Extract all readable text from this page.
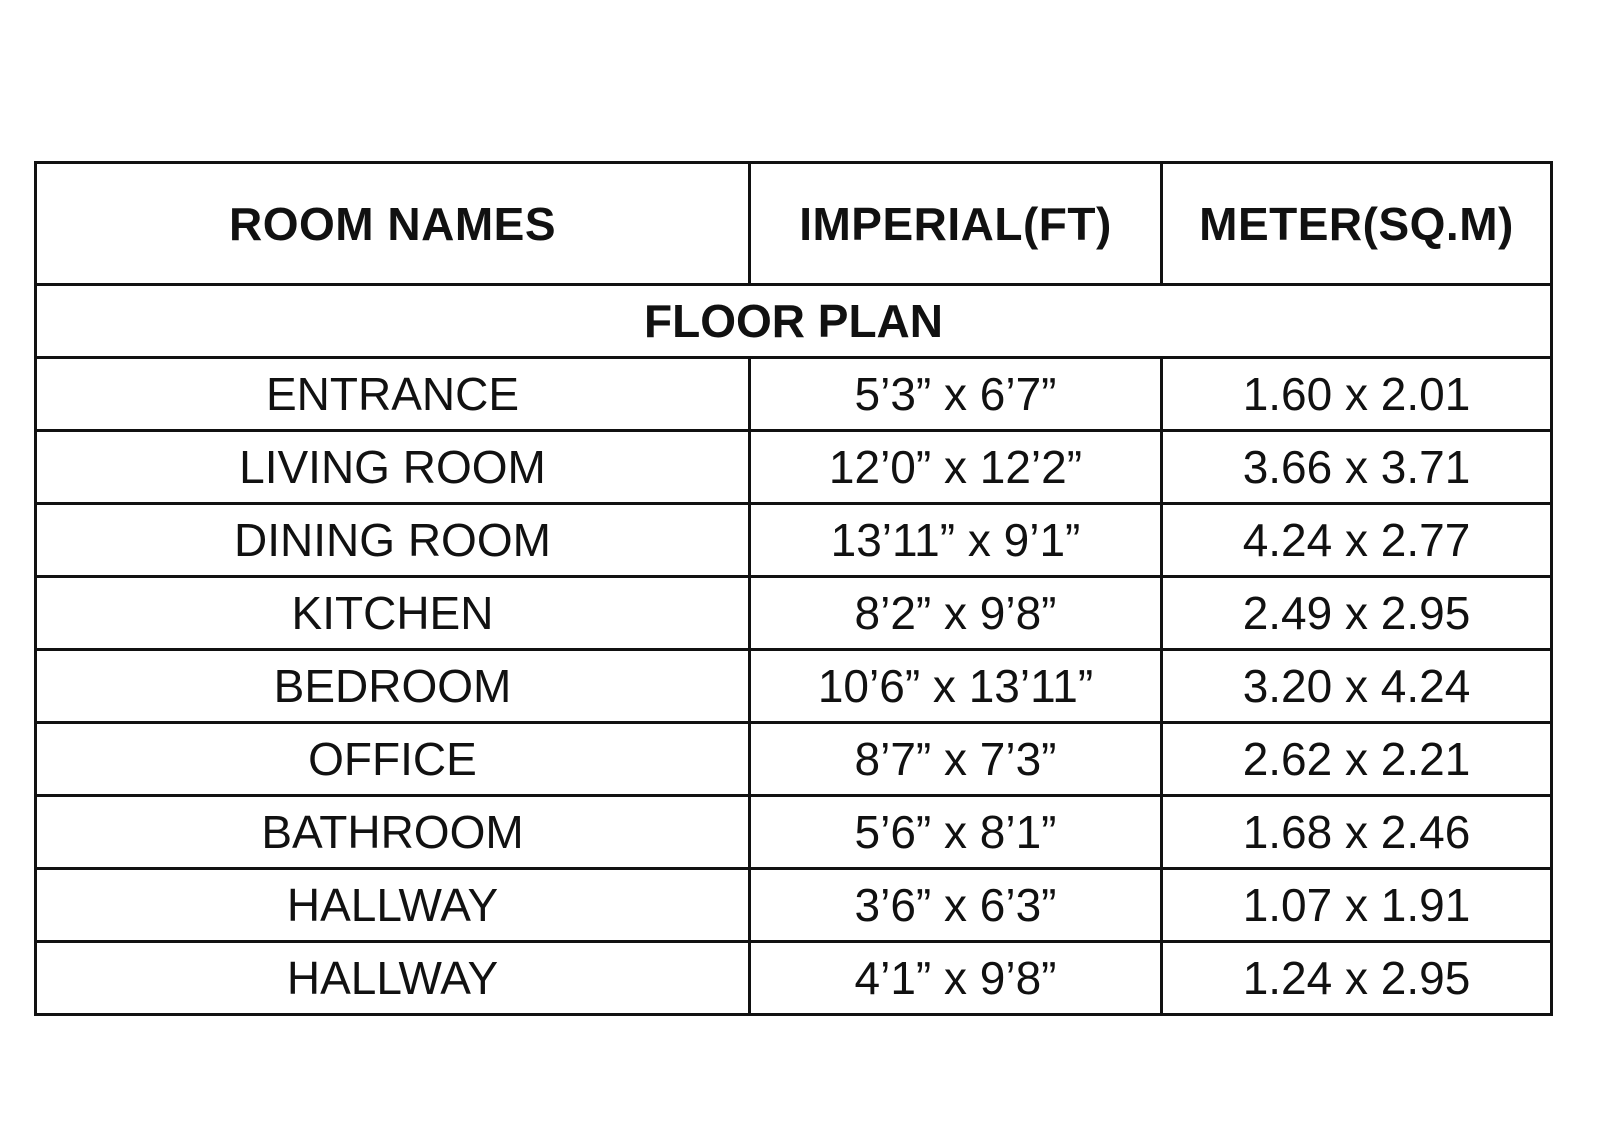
ROOM NAMES	IMPERIAL(FT)	METER(SQ.M)
FLOOR PLAN		
ENTRANCE	5’3” x 6’7”	1.60 x 2.01
LIVING ROOM	12’0” x 12’2”	3.66 x 3.71
DINING ROOM	13’11” x 9’1”	4.24 x 2.77
KITCHEN	8’2” x 9’8”	2.49 x 2.95
BEDROOM	10’6” x 13’11”	3.20 x 4.24
OFFICE	8’7” x 7’3”	2.62 x 2.21
BATHROOM	5’6” x 8’1”	1.68 x 2.46
HALLWAY	3’6” x 6’3”	1.07 x 1.91
HALLWAY	4’1” x 9’8”	1.24 x 2.95
